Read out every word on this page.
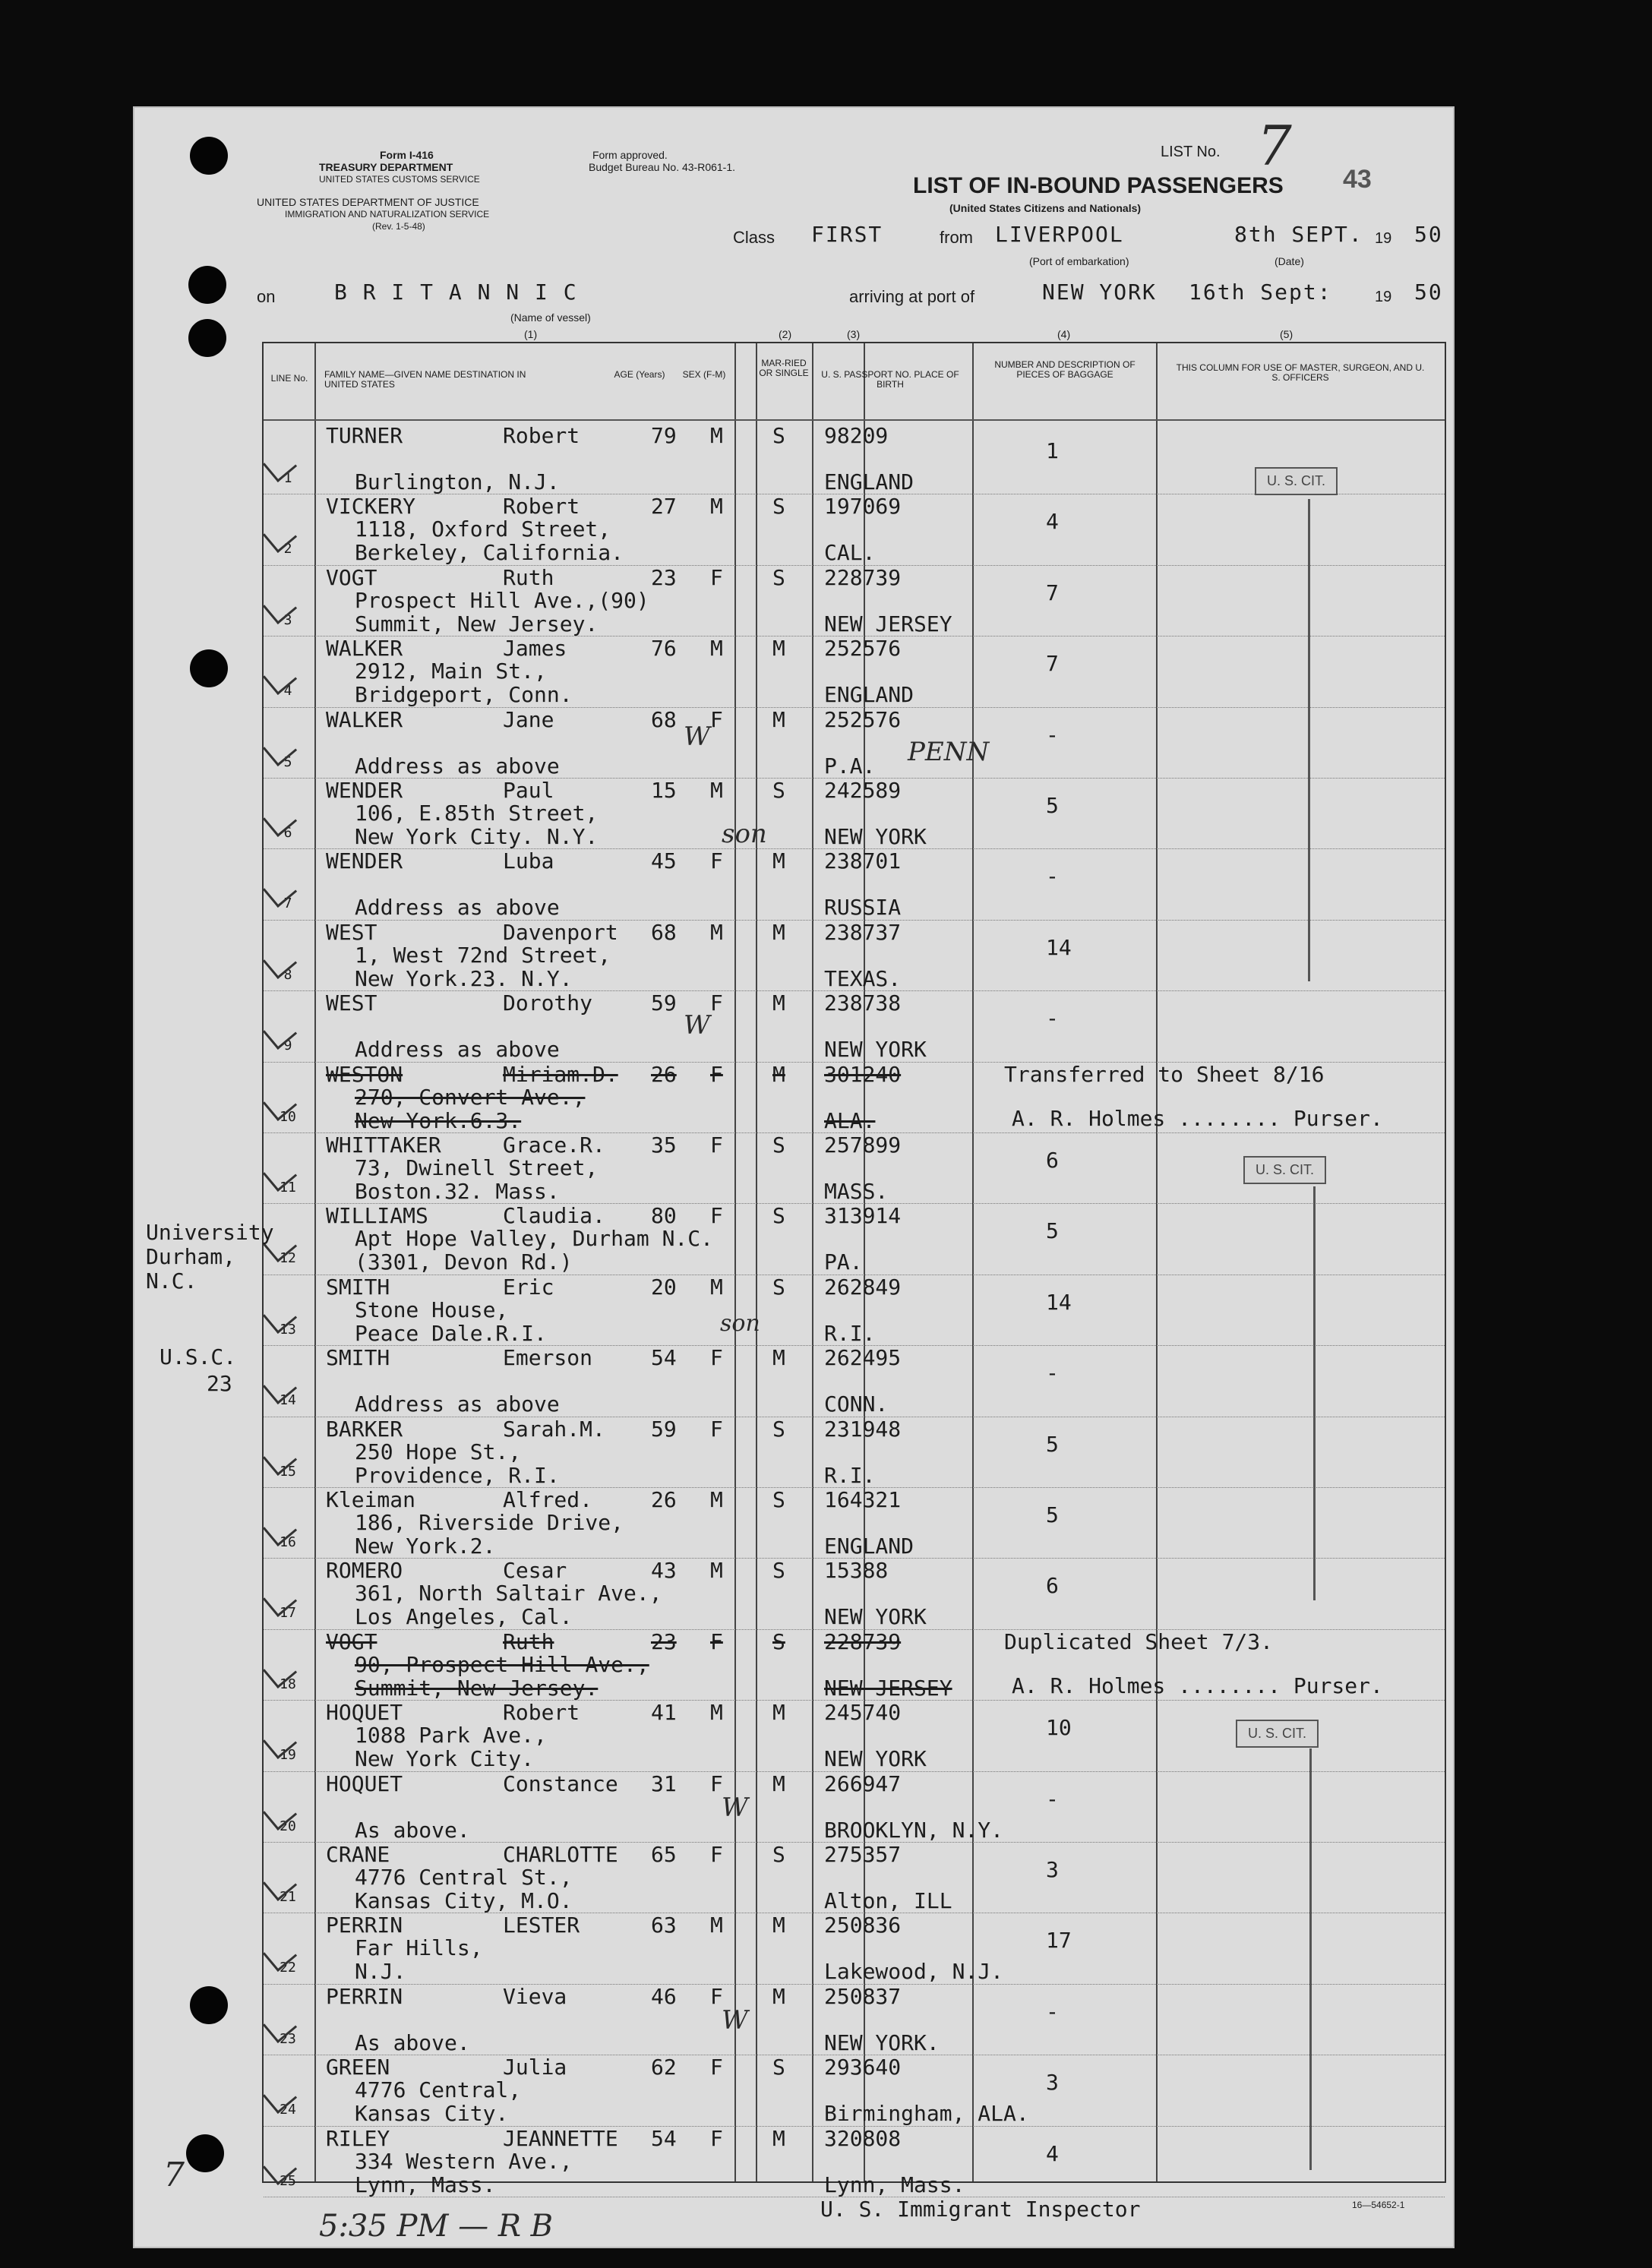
Form I-416
TREASURY DEPARTMENT
UNITED STATES CUSTOMS SERVICE
Form approved.
Budget Bureau No. 43-R061-1.
UNITED STATES DEPARTMENT OF JUSTICE
IMMIGRATION AND NATURALIZATION SERVICE
(Rev. 1-5-48)
LIST No. 7
43
LIST OF IN-BOUND PASSENGERS
(United States Citizens and Nationals)
Class FIRST	from LIVERPOOL
(Port of embarkation)
8th SEPT.
(Date)
19 50
on	B R I T A N N I C
(Name of vessel)
arriving at port of	NEW YORK 16th Sept:	19 50
(1)	(2)	(3)	(4)	(5)
LINE No.	FAMILY NAME—GIVEN NAME DESTINATION IN UNITED STATES
AGE (Years)	SEX (F-M)
MAR-RIED OR SINGLE	U. S. PASSPORT NO. PLACE OF BIRTH
NUMBER AND DESCRIPTION OF PIECES OF BAGGAGE
THIS COLUMN FOR USE OF MASTER, SURGEON, AND U. S. OFFICERS
1
TURNER	Robert	79 M S 98209
Burlington, N.J.	ENGLAND
1
2
VICKERY	Robert	27 M S 197069
1118, Oxford Street,
Berkeley, California.	CAL.
4
3
VOGT	Ruth	23 F S 228739
Prospect Hill Ave.,(90)
Summit, New Jersey.	NEW JERSEY
7
4
WALKER	James	76 M M 252576
2912, Main St.,
Bridgeport, Conn.	ENGLAND
7
5
WALKER	Jane	68 F M 252576
Address as above	P.A.
-
6
WENDER	Paul	15 M S 242589
106, E.85th Street,
New York City. N.Y.	NEW YORK
5
7
WENDER	Luba	45 F M 238701
Address as above	RUSSIA
-
8
WEST	Davenport 68 M M 238737
1, West 72nd Street,
New York.23. N.Y.	TEXAS.
14
9
WEST	Dorothy	59 F M 238738
Address as above	NEW YORK
-
10
WESTON	Miriam.D. 26 F M 301240
270, Convert Ave.,
New York.6.3.	ALA.
Transferred to Sheet 8/16
A. R. Holmes ........ Purser.
11
WHITTAKER	Grace.R. 35 F S 257899
73, Dwinell Street,
Boston.32. Mass.	MASS.
6
12
WILLIAMS	Claudia. 80 F S 313914
Apt Hope Valley, Durham N.C.
(3301, Devon Rd.)	PA.
5
13
SMITH	Eric	20 M S 262849
Stone House,
Peace Dale.R.I.	R.I.
14
14
SMITH	Emerson	54 F M 262495
Address as above	CONN.
-
15
BARKER	Sarah.M. 59 F S 231948
250 Hope St.,
Providence, R.I.	R.I.
5
16
Kleiman	Alfred.	26 M S 164321
186, Riverside Drive,
New York.2.	ENGLAND
5
17
ROMERO	Cesar	43 M S 15388
361, North Saltair Ave.,
Los Angeles, Cal.	NEW YORK
6
18
VOGT	Ruth	23 F S 228739
90, Prospect Hill Ave.,
Summit, New Jersey.	NEW JERSEY
Duplicated Sheet 7/3.
A. R. Holmes ........ Purser.
19
HOQUET	Robert	41 M M 245740
1088 Park Ave.,
New York City.	NEW YORK
10
20
HOQUET	Constance 31 F M 266947
As above.	BROOKLYN, N.Y.
-
21
CRANE	CHARLOTTE 65 F S 275357
4776 Central St.,
Kansas City, M.O.	Alton, ILL
3
22
PERRIN	LESTER	63 M M 250836
Far Hills,
N.J.	Lakewood, N.J.
17
23
PERRIN	Vieva	46 F M 250837
As above.	NEW YORK.
-
24
GREEN	Julia	62 F S 293640
4776 Central,
Kansas City.	Birmingham, ALA.
3
25
RILEY	JEANNETTE 54 F M 320808
334 Western Ave.,
Lynn, Mass.	Lynn, Mass.
4
U. S. CIT.
U. S. CIT.
U. S. CIT.
University
Durham,
N.C.
U.S.C.
23
7
PENN
son
son
W
W
W
W
5:35 PM — R B	U. S. Immigrant Inspector	16—54652-1
